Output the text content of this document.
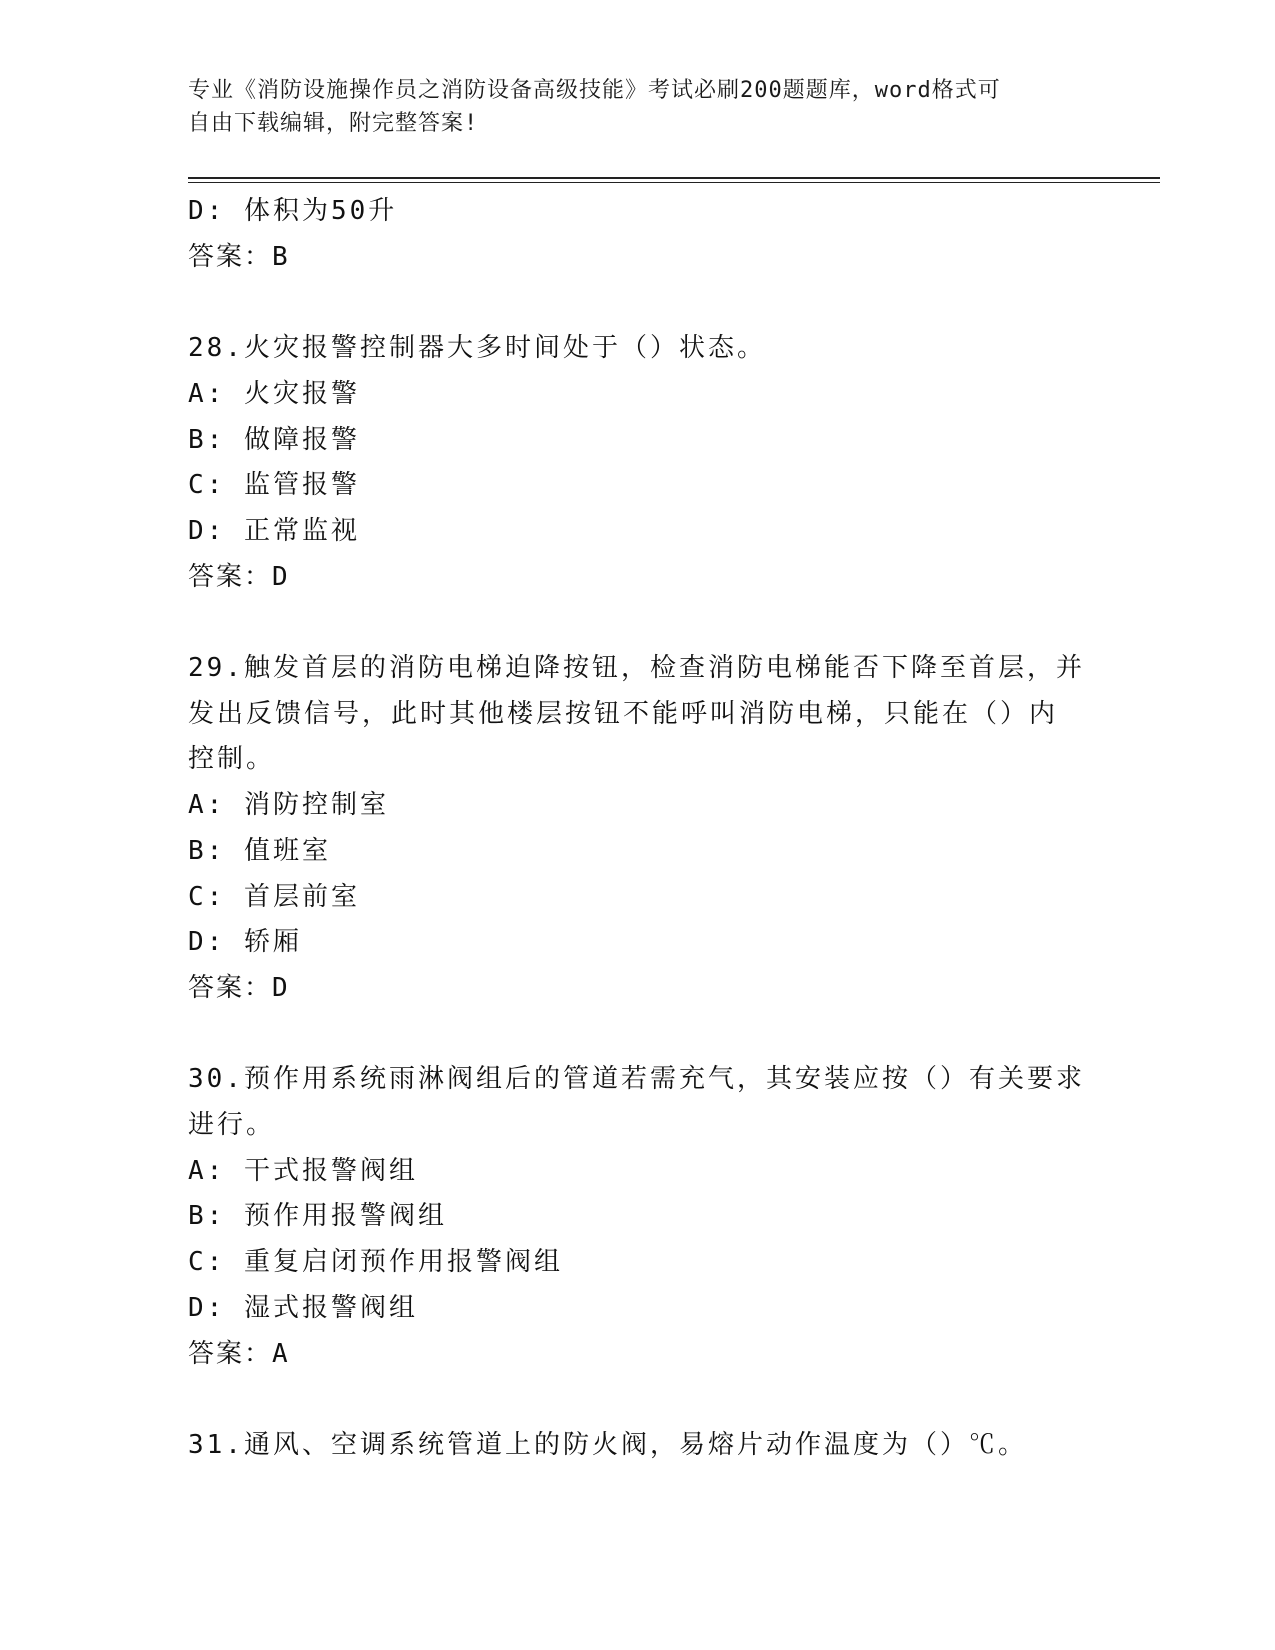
专业《消防设施操作员之消防设备高级技能》考试必刷200题题库，word格式可
自由下载编辑，附完整答案!
D: 体积为50升
答案：B
28.火灾报警控制器大多时间处于（）状态。
A: 火灾报警
B: 做障报警
C: 监管报警
D: 正常监视
答案：D
29.触发首层的消防电梯迫降按钮，检查消防电梯能否下降至首层，并
发出反馈信号，此时其他楼层按钮不能呼叫消防电梯，只能在（）内
控制。
A: 消防控制室
B: 值班室
C: 首层前室
D: 轿厢
答案：D
30.预作用系统雨淋阀组后的管道若需充气，其安装应按（）有关要求
进行。
A: 干式报警阀组
B: 预作用报警阀组
C: 重复启闭预作用报警阀组
D: 湿式报警阀组
答案：A
31.通风、空调系统管道上的防火阀，易熔片动作温度为（）℃。
